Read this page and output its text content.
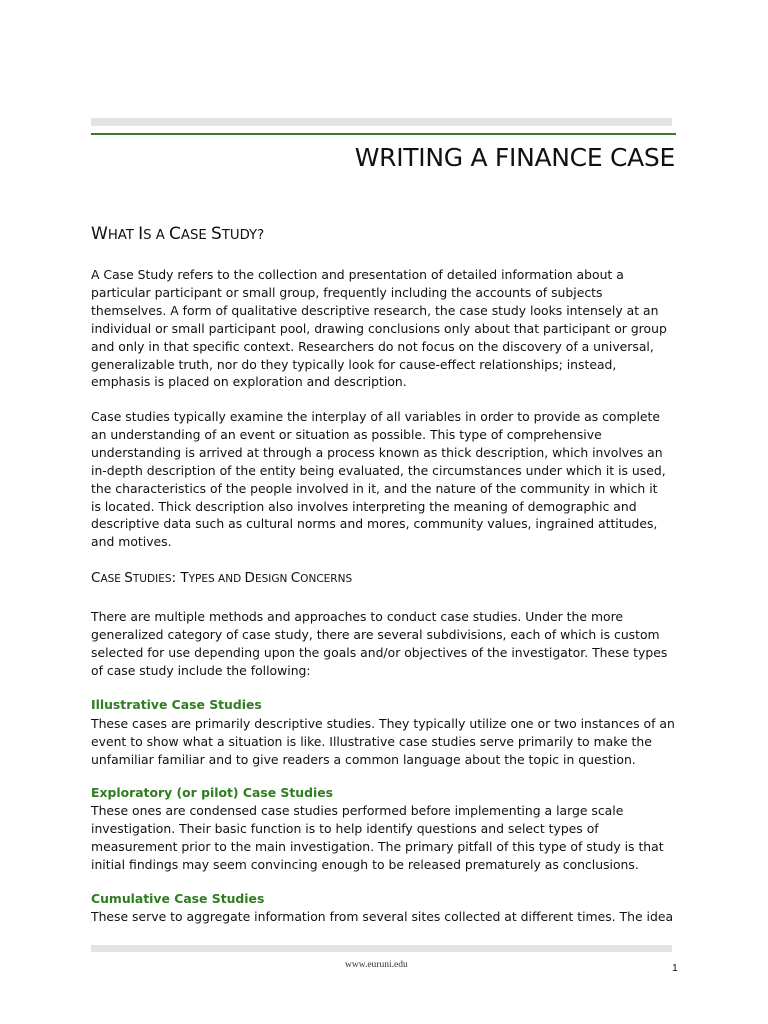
WRITING A FINANCE CASE
WHAT IS A CASE STUDY?
A Case Study refers to the collection and presentation of detailed information about a
particular participant or small group, frequently including the accounts of subjects
themselves. A form of qualitative descriptive research, the case study looks intensely at an
individual or small participant pool, drawing conclusions only about that participant or group
and only in that specific context. Researchers do not focus on the discovery of a universal,
generalizable truth, nor do they typically look for cause-effect relationships; instead,
emphasis is placed on exploration and description.
Case studies typically examine the interplay of all variables in order to provide as complete
an understanding of an event or situation as possible. This type of comprehensive
understanding is arrived at through a process known as thick description, which involves an
in-depth description of the entity being evaluated, the circumstances under which it is used,
the characteristics of the people involved in it, and the nature of the community in which it
is located. Thick description also involves interpreting the meaning of demographic and
descriptive data such as cultural norms and mores, community values, ingrained attitudes,
and motives.
CASE STUDIES: TYPES AND DESIGN CONCERNS
There are multiple methods and approaches to conduct case studies. Under the more
generalized category of case study, there are several subdivisions, each of which is custom
selected for use depending upon the goals and/or objectives of the investigator. These types
of case study include the following:
Illustrative Case Studies
These cases are primarily descriptive studies. They typically utilize one or two instances of an
event to show what a situation is like. Illustrative case studies serve primarily to make the
unfamiliar familiar and to give readers a common language about the topic in question.
Exploratory (or pilot) Case Studies
These ones are condensed case studies performed before implementing a large scale
investigation. Their basic function is to help identify questions and select types of
measurement prior to the main investigation. The primary pitfall of this type of study is that
initial findings may seem convincing enough to be released prematurely as conclusions.
Cumulative Case Studies
These serve to aggregate information from several sites collected at different times. The idea
www.euruni.edu	1
